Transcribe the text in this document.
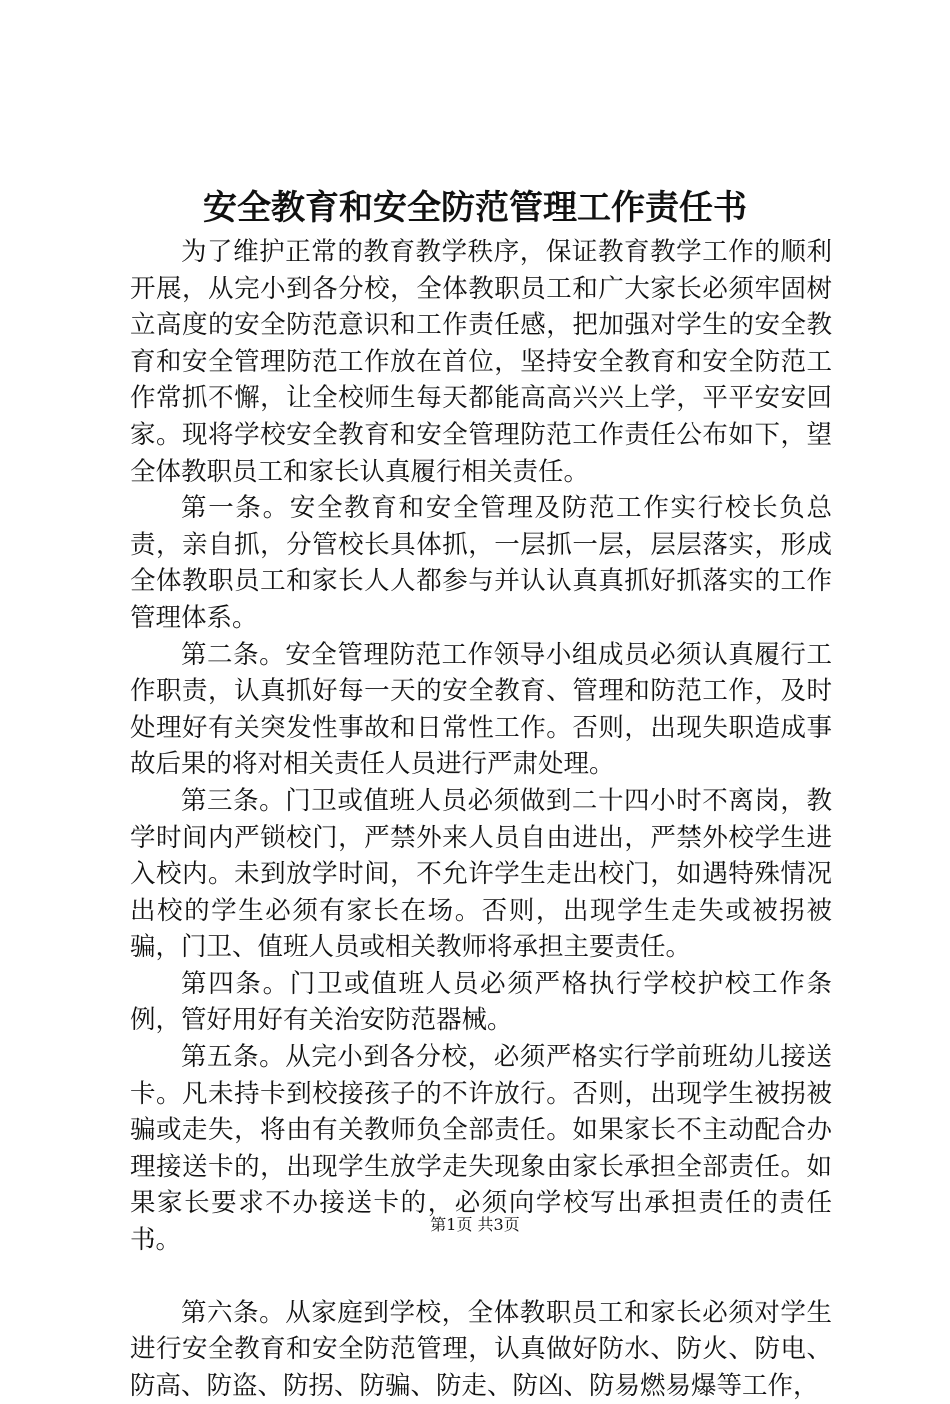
安全教育和安全防范管理工作责任书

为了维护正常的教育教学秩序，保证教育教学工作的顺利开展，从完小到各分校，全体教职员工和广大家长必须牢固树立高度的安全防范意识和工作责任感，把加强对学生的安全教育和安全管理防范工作放在首位，坚持安全教育和安全防范工作常抓不懈，让全校师生每天都能高高兴兴上学，平平安安回家。现将学校安全教育和安全管理防范工作责任公布如下，望全体教职员工和家长认真履行相关责任。

第一条。安全教育和安全管理及防范工作实行校长负总责，亲自抓，分管校长具体抓，一层抓一层，层层落实，形成全体教职员工和家长人人都参与并认认真真抓好抓落实的工作管理体系。

第二条。安全管理防范工作领导小组成员必须认真履行工作职责，认真抓好每一天的安全教育、管理和防范工作，及时处理好有关突发性事故和日常性工作。否则，出现失职造成事故后果的将对相关责任人员进行严肃处理。

第三条。门卫或值班人员必须做到二十四小时不离岗，教学时间内严锁校门，严禁外来人员自由进出，严禁外校学生进入校内。未到放学时间，不允许学生走出校门，如遇特殊情况出校的学生必须有家长在场。否则，出现学生走失或被拐被骗，门卫、值班人员或相关教师将承担主要责任。

第四条。门卫或值班人员必须严格执行学校护校工作条例，管好用好有关治安防范器械。

第五条。从完小到各分校，必须严格实行学前班幼儿接送卡。凡未持卡到校接孩子的不许放行。否则，出现学生被拐被骗或走失，将由有关教师负全部责任。如果家长不主动配合办理接送卡的，出现学生放学走失现象由家长承担全部责任。如果家长要求不办接送卡的，必须向学校写出承担责任的责任书。

第六条。从家庭到学校，全体教职员工和家长必须对学生进行安全教育和安全防范管理，认真做好防水、防火、防电、防高、防盗、防拐、防骗、防走、防凶、防易燃易爆等工作，

第1页 共3页
